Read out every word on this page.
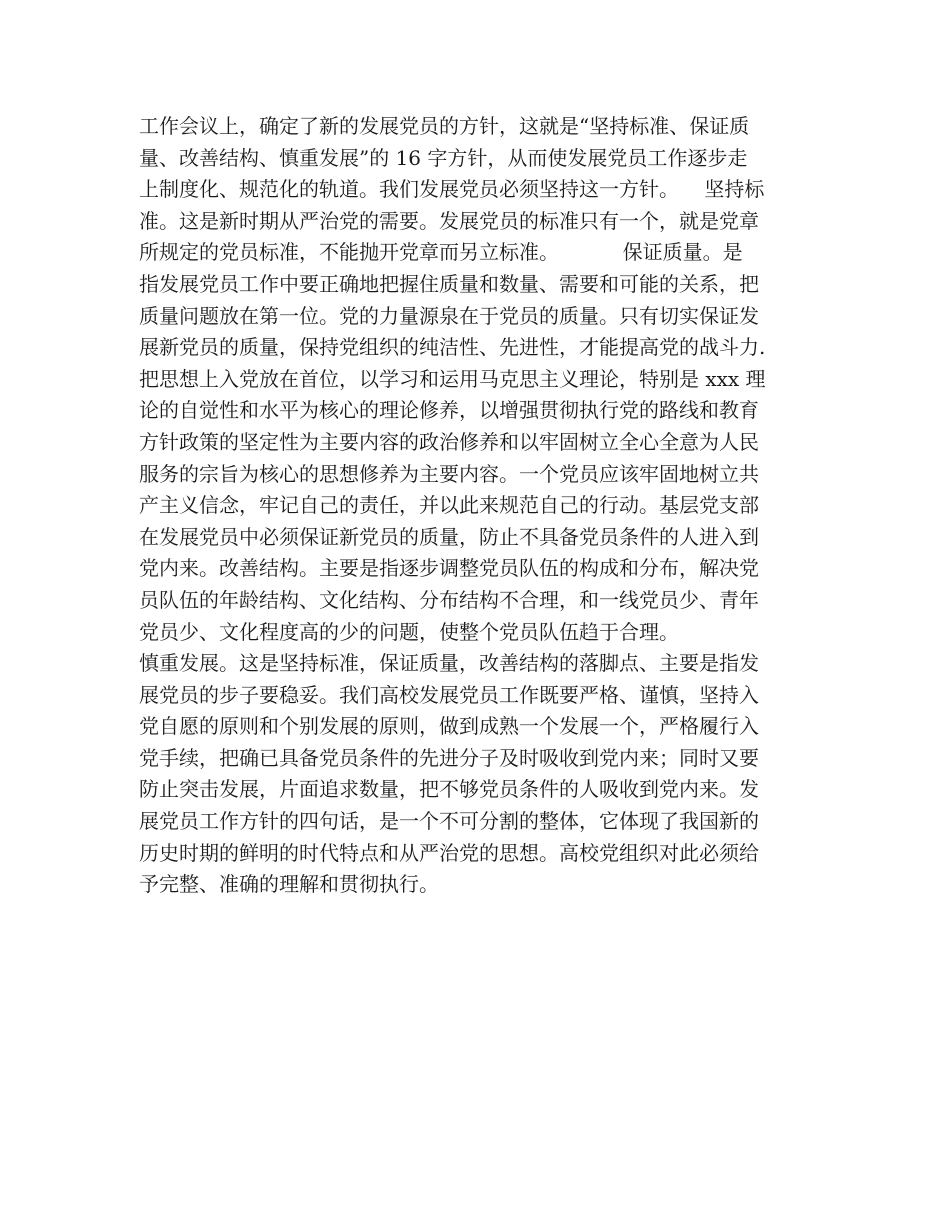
工作会议上，确定了新的发展党员的方针，这就是“坚持标准、保证质

量、改善结构、慎重发展”的 16 字方针，从而使发展党员工作逐步走

上制度化、规范化的轨道。我们发展党员必须坚持这一方针。    坚持标

准。这是新时期从严治党的需要。发展党员的标准只有一个，就是党章

所规定的党员标准，不能抛开党章而另立标准。          保证质量。是

指发展党员工作中要正确地把握住质量和数量、需要和可能的关系，把

质量问题放在第一位。党的力量源泉在于党员的质量。只有切实保证发

展新党员的质量，保持党组织的纯洁性、先进性，才能提高党的战斗力.

把思想上入党放在首位，以学习和运用马克思主义理论，特别是 xxx 理

论的自觉性和水平为核心的理论修养，以增强贯彻执行党的路线和教育

方针政策的坚定性为主要内容的政治修养和以牢固树立全心全意为人民

服务的宗旨为核心的思想修养为主要内容。一个党员应该牢固地树立共

产主义信念，牢记自己的责任，并以此来规范自己的行动。基层党支部

在发展党员中必须保证新党员的质量，防止不具备党员条件的人进入到

党内来。改善结构。主要是指逐步调整党员队伍的构成和分布，解决党

员队伍的年龄结构、文化结构、分布结构不合理，和一线党员少、青年

党员少、文化程度高的少的问题，使整个党员队伍趋于合理。

慎重发展。这是坚持标准，保证质量，改善结构的落脚点、主要是指发

展党员的步子要稳妥。我们高校发展党员工作既要严格、谨慎，坚持入

党自愿的原则和个别发展的原则，做到成熟一个发展一个，严格履行入

党手续，把确已具备党员条件的先进分子及时吸收到党内来；同时又要

防止突击发展，片面追求数量，把不够党员条件的人吸收到党内来。发

展党员工作方针的四句话，是一个不可分割的整体，它体现了我国新的

历史时期的鲜明的时代特点和从严治党的思想。高校党组织对此必须给

予完整、准确的理解和贯彻执行。
